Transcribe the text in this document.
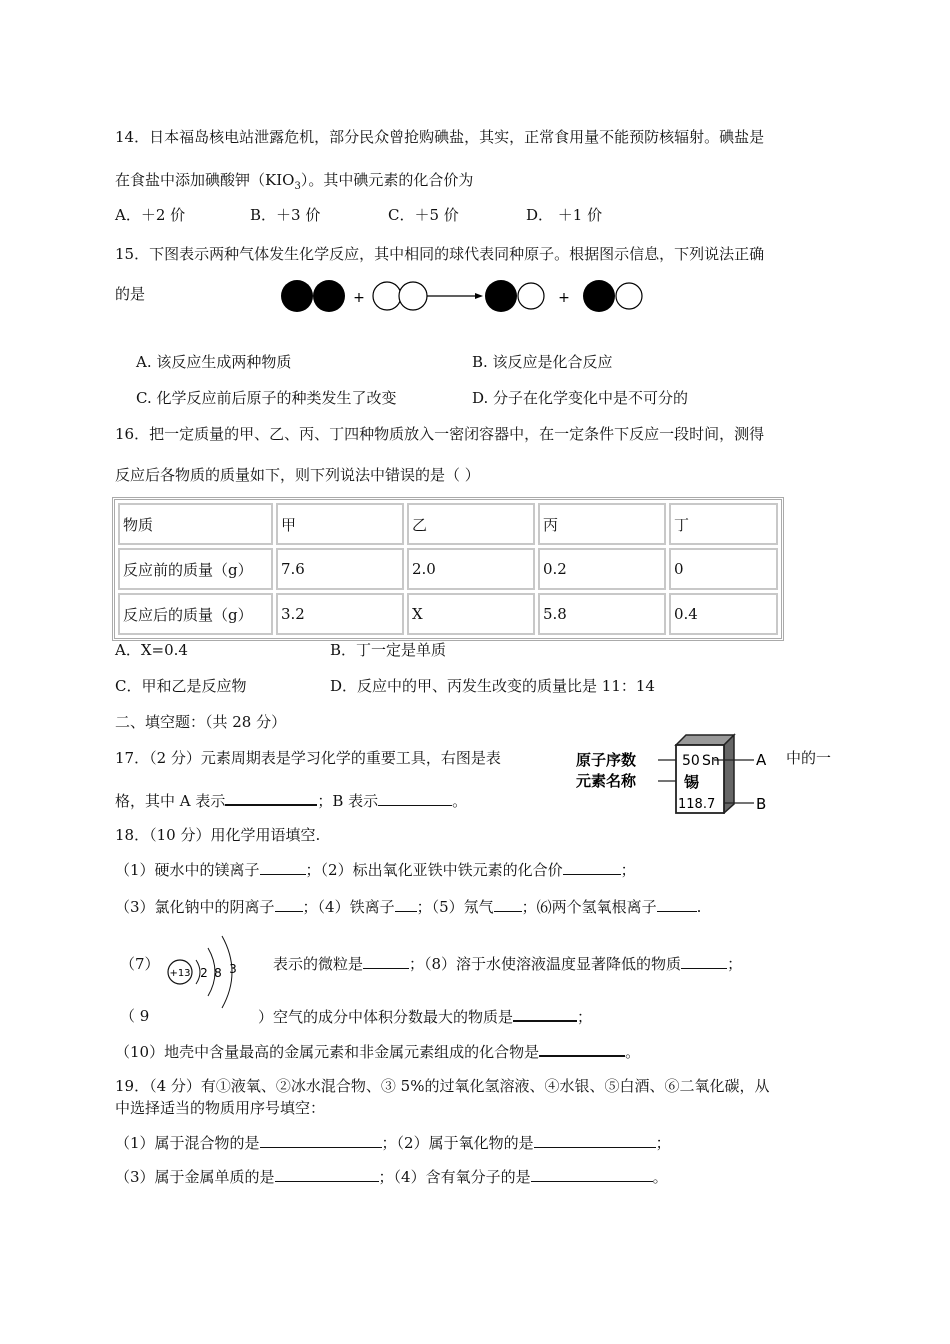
14．日本福岛核电站泄露危机，部分民众曾抢购碘盐，其实，正常食用量不能预防核辐射。碘盐是
在食盐中添加碘酸钾$(KIO_3)$。其中碘元素的化合价为
A．＋2 价	B．＋3 价	C．＋5 价	D． ＋1 价
15．下图表示两种气体发生化学反应，其中相同的球代表同种原子。根据图示信息，下列说法正确
的是	+	+
A. 该反应生成两种物质	B. 该反应是化合反应
C. 化学反应前后原子的种类发生了改变	D. 分子在化学变化中是不可分的
16．把一定质量的甲、乙、丙、丁四种物质放入一密闭容器中，在一定条件下反应一段时间，测得
反应后各物质的质量如下，则下列说法中错误的是（ ）
物质	甲	乙	丙	丁
反应前的质量（g）	7.6	2.0	0.2	0
反应后的质量（g）	3.2	X	5.8	0.4
A．X=0.4	B．丁一定是单质
C．甲和乙是反应物	D．反应中的甲、丙发生改变的质量比是 11：14
二、填空题：（共 28 分）
17．（2 分）元素周期表是学习化学的重要工具，右图是表	中的一
格，其中 A 表示	；B 表示	。
原子序数
元素名称
50 Sn
锡
118.7
A
B
18．（10 分）用化学用语填空.
（1）硬水中的镁离子	；（2）标出氧化亚铁中铁元素的化合价	；
（3）氯化钠中的阴离子 ；（4）铁离子 ；（5）氖气 ；⑹两个氢氧根离子	.
（7）
+13 2 8 3 表示的微粒是	；（8）溶于水使溶液温度显著降低的物质	；
（ 9	）空气的成分中体积分数最大的物质是	；
（10）地壳中含量最高的金属元素和非金属元素组成的化合物是	。
19．（4 分）有①液氧、②冰水混合物、③ 5%的过氧化氢溶液、④水银、⑤白酒、⑥二氧化碳，从
中选择适当的物质用序号填空：
（1）属于混合物的是	；（2）属于氧化物的是	；
（3）属于金属单质的是	；（4）含有氧分子的是	。
